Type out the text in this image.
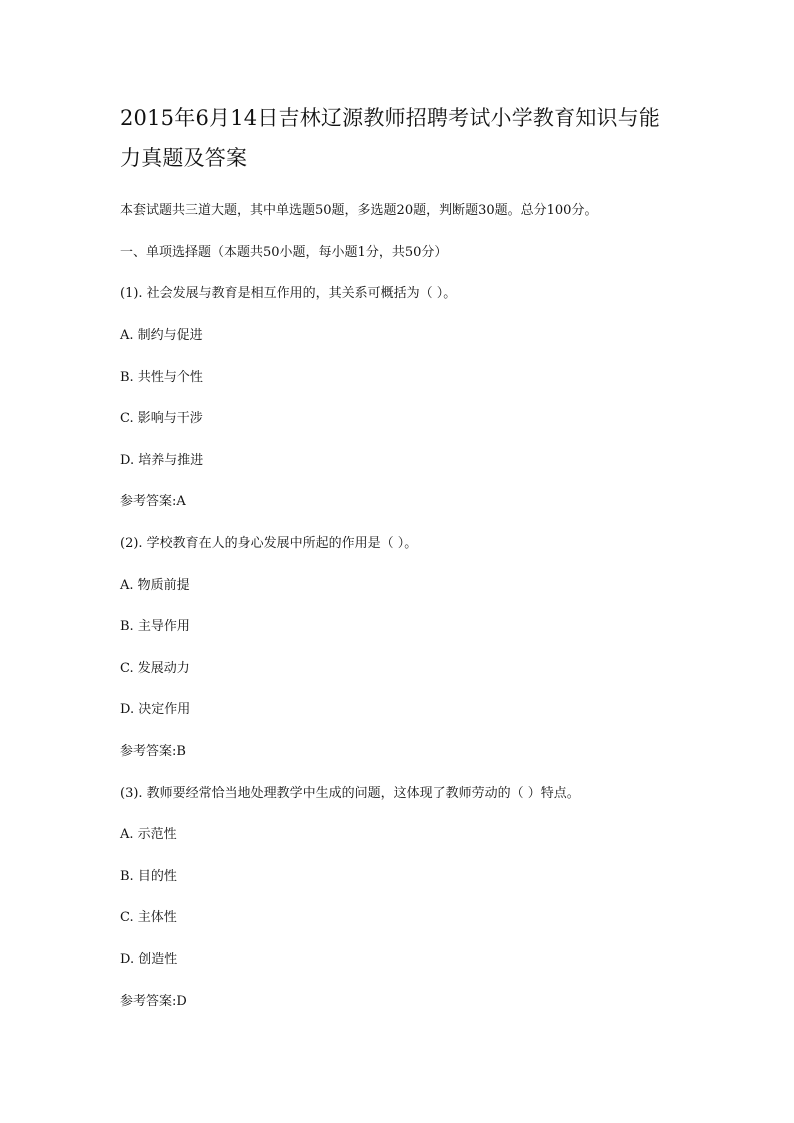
2015年6月14日吉林辽源教师招聘考试小学教育知识与能力真题及答案
本套试题共三道大题，其中单选题50题，多选题20题，判断题30题。总分100分。
一、单项选择题（本题共50小题，每小题1分，共50分）
(1). 社会发展与教育是相互作用的，其关系可概括为（ ）。
A. 制约与促进
B. 共性与个性
C. 影响与干涉
D. 培养与推进
参考答案:A
(2). 学校教育在人的身心发展中所起的作用是（ ）。
A. 物质前提
B. 主导作用
C. 发展动力
D. 决定作用
参考答案:B
(3). 教师要经常恰当地处理教学中生成的问题，这体现了教师劳动的（ ）特点。
A. 示范性
B. 目的性
C. 主体性
D. 创造性
参考答案:D
